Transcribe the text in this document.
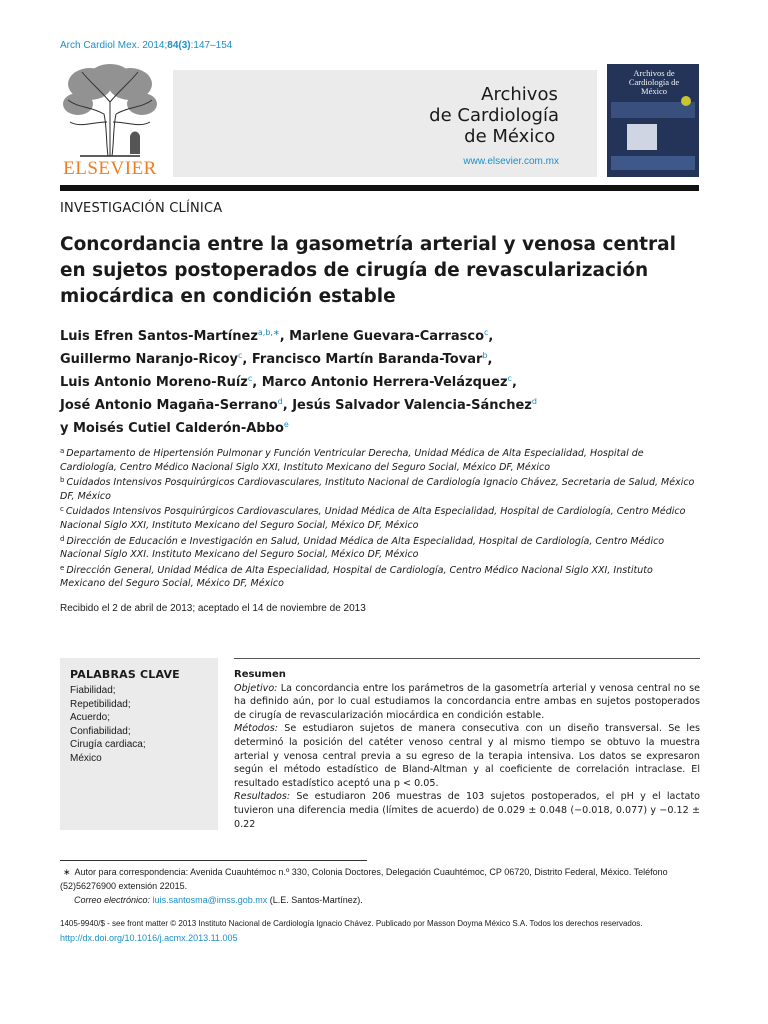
Arch Cardiol Mex. 2014;84(3):147–154
ELSEVIER
Archivos
de Cardiología
de México
www.elsevier.com.mx
Archivos de Cardiología de México
INVESTIGACIÓN CLÍNICA
Concordancia entre la gasometría arterial y venosa central en sujetos postoperados de cirugía de revascularización miocárdica en condición estable
Luis Efren Santos-Martínez$^{a,b,∗}$, Marlene Guevara-Carrasco$^c$,
Guillermo Naranjo-Ricoy$^c$, Francisco Martín Baranda-Tovar$^b$,
Luis Antonio Moreno-Ruíz$^c$, Marco Antonio Herrera-Velázquez$^c$,
José Antonio Magaña-Serrano$^d$, Jesús Salvador Valencia-Sánchez$^d$
y Moisés Cutiel Calderón-Abbo$^e$

$^a$ Departamento de Hipertensión Pulmonar y Función Ventricular Derecha, Unidad Médica de Alta Especialidad, Hospital de Cardiología, Centro Médico Nacional Siglo XXI, Instituto Mexicano del Seguro Social, México DF, México

$^b$ Cuidados Intensivos Posquirúrgicos Cardiovasculares, Instituto Nacional de Cardiología Ignacio Chávez, Secretaria de Salud, México DF, México

$^c$ Cuidados Intensivos Posquirúrgicos Cardiovasculares, Unidad Médica de Alta Especialidad, Hospital de Cardiología, Centro Médico Nacional Siglo XXI, Instituto Mexicano del Seguro Social, México DF, México

$^d$ Dirección de Educación e Investigación en Salud, Unidad Médica de Alta Especialidad, Hospital de Cardiología, Centro Médico Nacional Siglo XXI. Instituto Mexicano del Seguro Social, México DF, México

$^e$ Dirección General, Unidad Médica de Alta Especialidad, Hospital de Cardiología, Centro Médico Nacional Siglo XXI, Instituto Mexicano del Seguro Social, México DF, México

Recibido el 2 de abril de 2013; aceptado el 14 de noviembre de 2013
PALABRAS CLAVE
Fiabilidad;
Repetibilidad;
Acuerdo;
Confiabilidad;
Cirugía cardiaca;
México
Resumen

Objetivo: La concordancia entre los parámetros de la gasometría arterial y venosa central no se ha definido aún, por lo cual estudiamos la concordancia entre ambas en sujetos postoperados de cirugía de revascularización miocárdica en condición estable.

Métodos: Se estudiaron sujetos de manera consecutiva con un diseño transversal. Se les determinó la posición del catéter venoso central y al mismo tiempo se obtuvo la muestra arterial y venosa central previa a su egreso de la terapia intensiva. Los datos se expresaron según el método estadístico de Bland-Altman y al coeficiente de correlación intraclase. El resultado estadístico aceptó una p < 0.05.

Resultados: Se estudiaron 206 muestras de 103 sujetos postoperados, el pH y el lactato tuvieron una diferencia media (límites de acuerdo) de 0.029 ± 0.048 (−0.018, 0.077) y −0.12 ± 0.22

∗ Autor para correspondencia: Avenida Cuauhtémoc n.º 330, Colonia Doctores, Delegación Cuauhtémoc, CP 06720, Distrito Federal, México. Teléfono (52)56276900 extensión 22015.
Correo electrónico: luis.santosma@imss.gob.mx (L.E. Santos-Martínez).
1405-9940/$ - see front matter © 2013 Instituto Nacional de Cardiología Ignacio Chávez. Publicado por Masson Doyma México S.A. Todos los derechos reservados.
http://dx.doi.org/10.1016/j.acmx.2013.11.005
